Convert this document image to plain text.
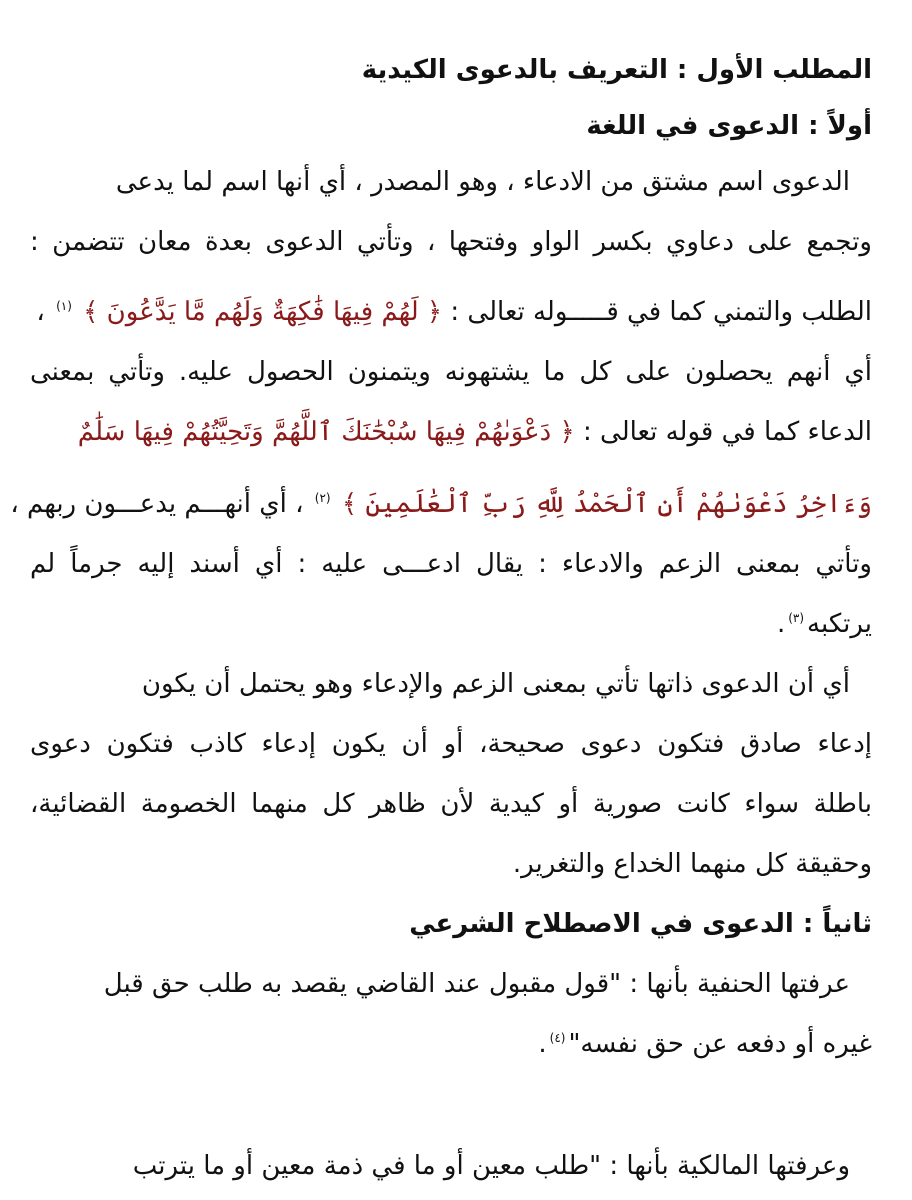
المطلب الأول : التعريف بالدعوى الكيدية
أولاً : الدعوى في اللغة
الدعوى اسم مشتق من الادعاء ، وهو المصدر ، أي أنها اسم لما يدعى
وتجمع على دعاوي بكسر الواو وفتحها ، وتأتي الدعوى بعدة معان تتضمن :
الطلب والتمني كما في قـــــوله تعالى : ﴿ لَهُمْ فِيهَا فَٰكِهَةٌ وَلَهُم مَّا يَدَّعُونَ ﴾ $^{(١)}$ ،
أي أنهم يحصلون على كل ما يشتهونه ويتمنون الحصول عليه. وتأتي بمعنى
الدعاء كما في قوله تعالى : ﴿ دَعْوَىٰهُمْ فِيهَا سُبْحَٰنَكَ ٱللَّهُمَّ وَتَحِيَّتُهُمْ فِيهَا سَلَٰمٌ
وَءَاخِرُ دَعْوَىٰهُمْ أَنِ ٱلْحَمْدُ لِلَّهِ رَبِّ ٱلْعَٰلَمِينَ ﴾ $^{(٢)}$ ، أي أنهـــم يدعـــون ربهم ،
وتأتي بمعنى الزعم والادعاء : يقال ادعـــى عليه : أي أسند إليه جرماً لم
يرتكبه$^{(٣)}$.
أي أن الدعوى ذاتها تأتي بمعنى الزعم والإدعاء وهو يحتمل أن يكون
إدعاء صادق فتكون دعوى صحيحة، أو أن يكون إدعاء كاذب فتكون دعوى
باطلة سواء كانت صورية أو كيدية لأن ظاهر كل منهما الخصومة القضائية،
وحقيقة كل منهما الخداع والتغرير.
ثانياً : الدعوى في الاصطلاح الشرعي
عرفتها الحنفية بأنها : "قول مقبول عند القاضي يقصد به طلب حق قبل
غيره أو دفعه عن حق نفسه"$^{(٤)}$.
وعرفتها المالكية بأنها : "طلب معين أو ما في ذمة معين أو ما يترتب
